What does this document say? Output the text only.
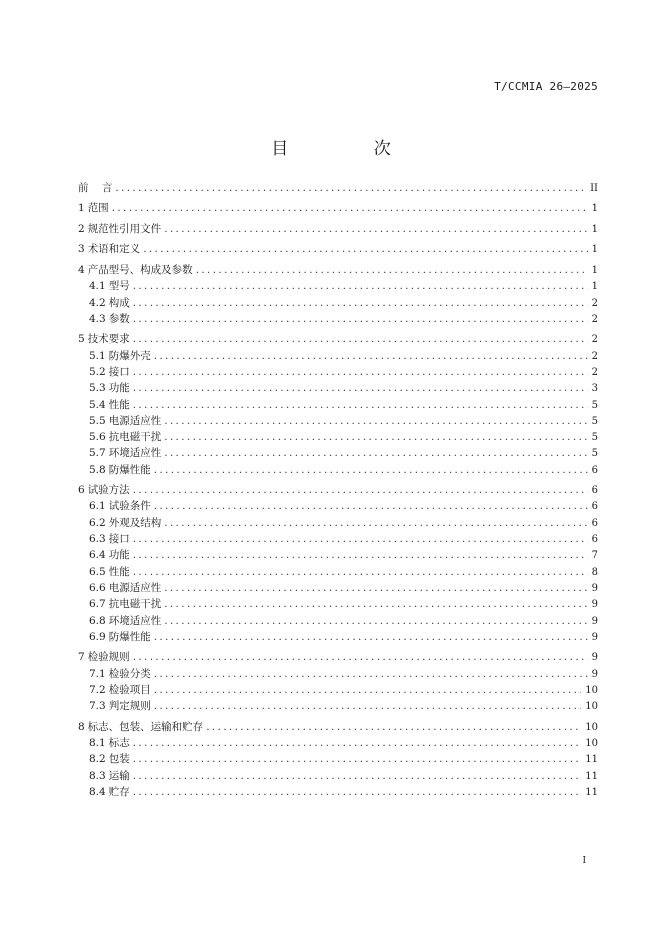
T/CCMIA 26—2025
目 次
前    言 . . .	II
1 范围 . . .	1
2 规范性引用文件 . . .	1
3 术语和定义 . . .	1
4 产品型号、构成及参数 . . .	1
4.1 型号 . . .	1
4.2 构成 . . .	2
4.3 参数 . . .	2
5 技术要求 . . .	2
5.1 防爆外壳 . . .	2
5.2 接口 . . .	2
5.3 功能 . . .	3
5.4 性能 . . .	5
5.5 电源适应性 . . .	5
5.6 抗电磁干扰 . . .	5
5.7 环境适应性 . . .	5
5.8 防爆性能 . . .	6
6 试验方法 . . .	6
6.1 试验条件 . . .	6
6.2 外观及结构 . . .	6
6.3 接口 . . .	6
6.4 功能 . . .	7
6.5 性能 . . .	8
6.6 电源适应性 . . .	9
6.7 抗电磁干扰 . . .	9
6.8 环境适应性 . . .	9
6.9 防爆性能 . . .	9
7 检验规则 . . .	9
7.1 检验分类 . . .	9
7.2 检验项目 . . .	10
7.3 判定规则 . . .	10
8 标志、包装、运输和贮存 . . .	10
8.1 标志 . . .	10
8.2 包装 . . .	11
8.3 运输 . . .	11
8.4 贮存 . . .	11
I
